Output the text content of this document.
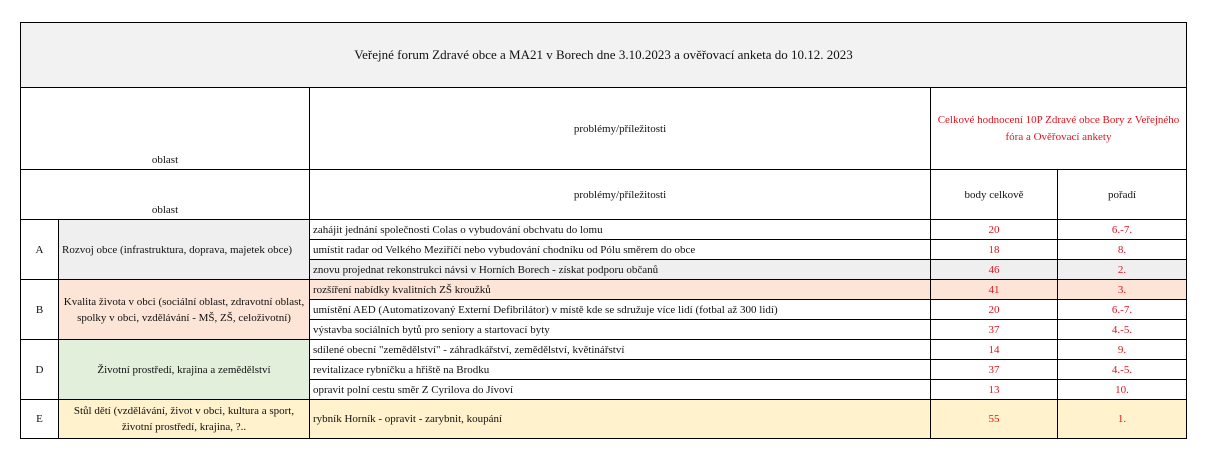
Veřejné forum Zdravé obce a MA21 v Borech dne 3.10.2023 a ověřovací anketa do 10.12. 2023				
oblast		problémy/příležitosti	Celkové hodnocení 10P Zdravé obce Bory z Veřejného fóra a Ověřovací ankety	
oblast		problémy/příležitosti	body celkově	pořadí
A	Rozvoj obce (infrastruktura, doprava, majetek obce)	zahájit jednání společnosti Colas o vybudování obchvatu do lomu	20	6.-7.
		umístit radar od Velkého Meziříčí nebo vybudování chodníku od Pólu směrem do obce	18	8.
		znovu projednat rekonstrukci návsi v Horních Borech - získat podporu občanů	46	2.
B	Kvalita života v obci (sociální oblast, zdravotní oblast, spolky v obci, vzdělávání - MŠ, ZŠ, celoživotní)	rozšíření nabídky kvalitních ZŠ kroužků	41	3.
		umístění AED (Automatizovaný Externí Defibrilátor) v místě kde se sdružuje více lidí (fotbal až 300 lidí)	20	6.-7.
		výstavba sociálních bytů pro seniory a startovací byty	37	4.-5.
D	Životní prostředí, krajina a zemědělství	sdílené obecní "zemědělství" - záhradkářství, zemědělství, květinářství	14	9.
		revitalizace rybníčku a hřiště na Brodku	37	4.-5.
		opravit polní cestu směr Z Cyrilova do Jívoví	13	10.
E	Stůl dětí (vzdělávání, život v obci, kultura a sport, životní prostředí, krajina, ?..	rybník Horník - opravit - zarybnit, koupání	55	1.
